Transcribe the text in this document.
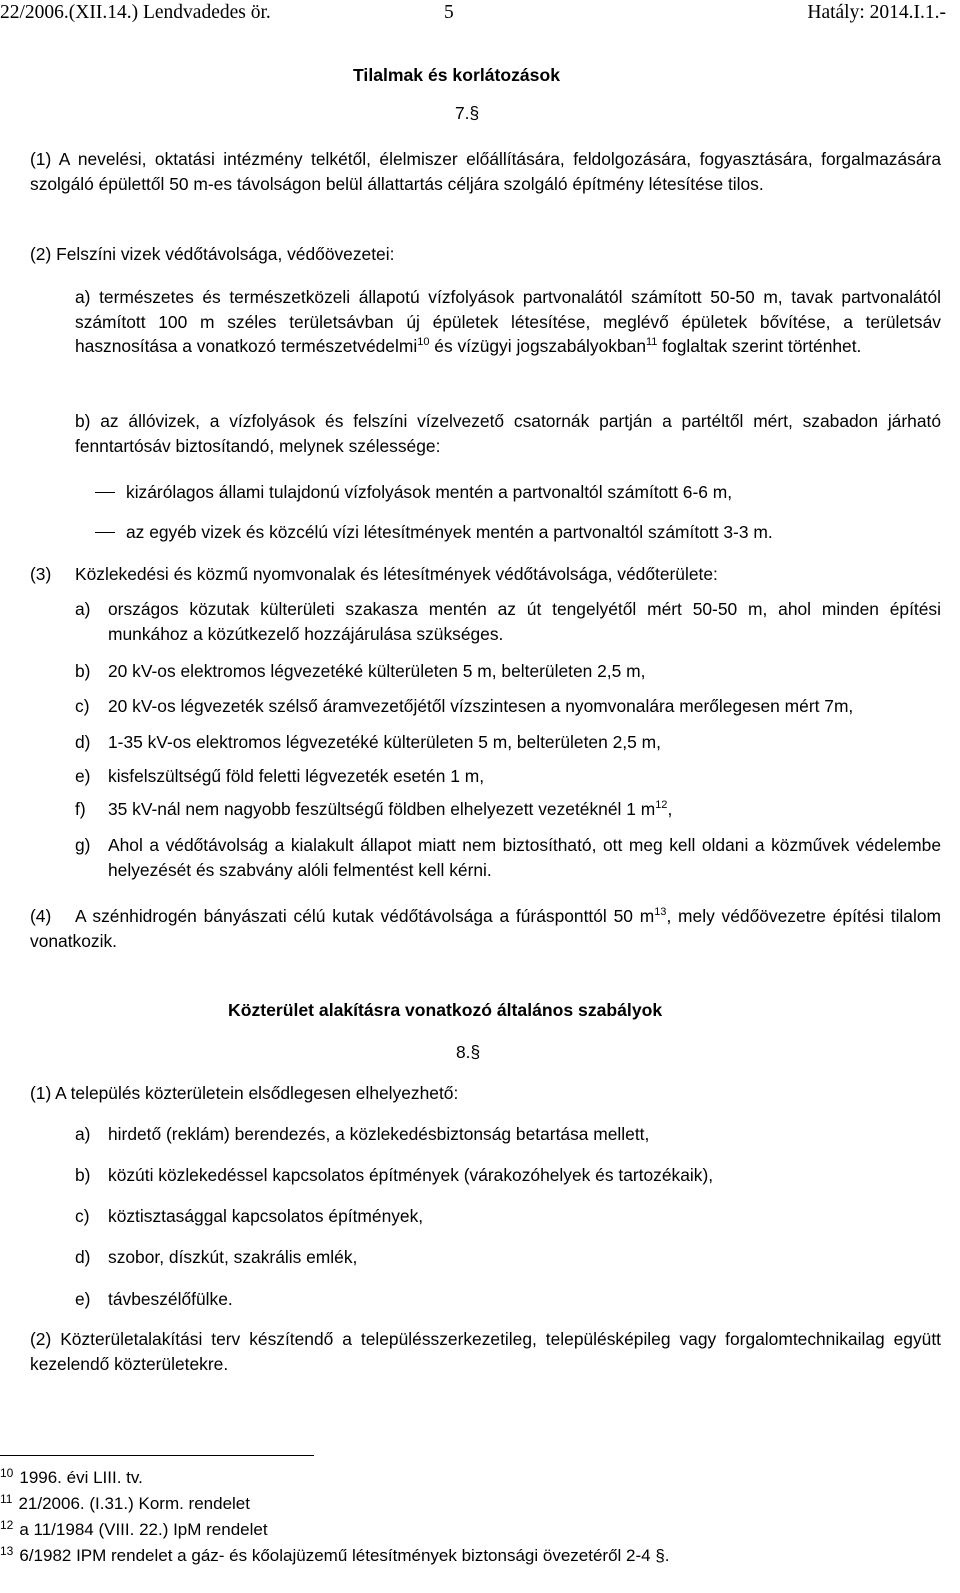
22/2006.(XII.14.) Lendvadedes ör.	5	Hatály: 2014.I.1.-
Tilalmak és korlátozások
7.§
(1) A nevelési, oktatási intézmény telkétől, élelmiszer előállítására, feldolgozására, fogyasztására, forgalmazására szolgáló épülettől 50 m-es távolságon belül állattartás céljára szolgáló építmény létesítése tilos.
(2) Felszíni vizek védőtávolsága, védőövezetei:
a) természetes és természetközeli állapotú vízfolyások partvonalától számított 50-50 m, tavak partvonalától számított 100 m széles területsávban új épületek létesítése, meglévő épületek bővítése, a területsáv hasznosítása a vonatkozó természetvédelmi$^{10}$ és vízügyi jogszabályokban$^{11}$ foglaltak szerint történhet.
b) az állóvizek, a vízfolyások és felszíni vízelvezető csatornák partján a partéltől mért, szabadon járható fenntartósáv biztosítandó, melynek szélessége:
kizárólagos állami tulajdonú vízfolyások mentén a partvonaltól számított 6-6 m,
az egyéb vizek és közcélú vízi létesítmények mentén a partvonaltól számított 3-3 m.
(3) Közlekedési és közmű nyomvonalak és létesítmények védőtávolsága, védőterülete:
a) országos közutak külterületi szakasza mentén az út tengelyétől mért 50-50 m, ahol minden építési munkához a közútkezelő hozzájárulása szükséges.
b) 20 kV-os elektromos légvezetéké külterületen 5 m, belterületen 2,5 m,
c) 20 kV-os légvezeték szélső áramvezetőjétől vízszintesen a nyomvonalára merőlegesen mért 7m,
d) 1-35 kV-os elektromos légvezetéké külterületen 5 m, belterületen 2,5 m,
e) kisfelszültségű föld feletti légvezeték esetén 1 m,
f) 35 kV-nál nem nagyobb feszültségű földben elhelyezett vezetéknél 1 $m^{12}$,
g) Ahol a védőtávolság a kialakult állapot miatt nem biztosítható, ott meg kell oldani a közművek védelembe helyezését és szabvány alóli felmentést kell kérni.
(4) A szénhidrogén bányászati célú kutak védőtávolsága a fúrásponttól 50 $m^{13}$, mely védőövezetre építési tilalom vonatkozik.
Közterület alakításra vonatkozó általános szabályok
8.§
(1) A település közterületein elsődlegesen elhelyezhető:
a) hirdető (reklám) berendezés, a közlekedésbiztonság betartása mellett,
b) közúti közlekedéssel kapcsolatos építmények (várakozóhelyek és tartozékaik),
c) köztisztasággal kapcsolatos építmények,
d) szobor, díszkút, szakrális emlék,
e) távbeszélőfülke.
(2) Közterületalakítási terv készítendő a településszerkezetileg, településképileg vagy forgalomtechnikailag együtt kezelendő közterületekre.
$^{10}$ 1996. évi LIII. tv.
$^{11}$ 21/2006. (I.31.) Korm. rendelet
$^{12}$ a 11/1984 (VIII. 22.) IpM rendelet
$^{13}$ 6/1982 IPM rendelet a gáz- és kőolajüzemű létesítmények biztonsági övezetéről 2-4 §.
